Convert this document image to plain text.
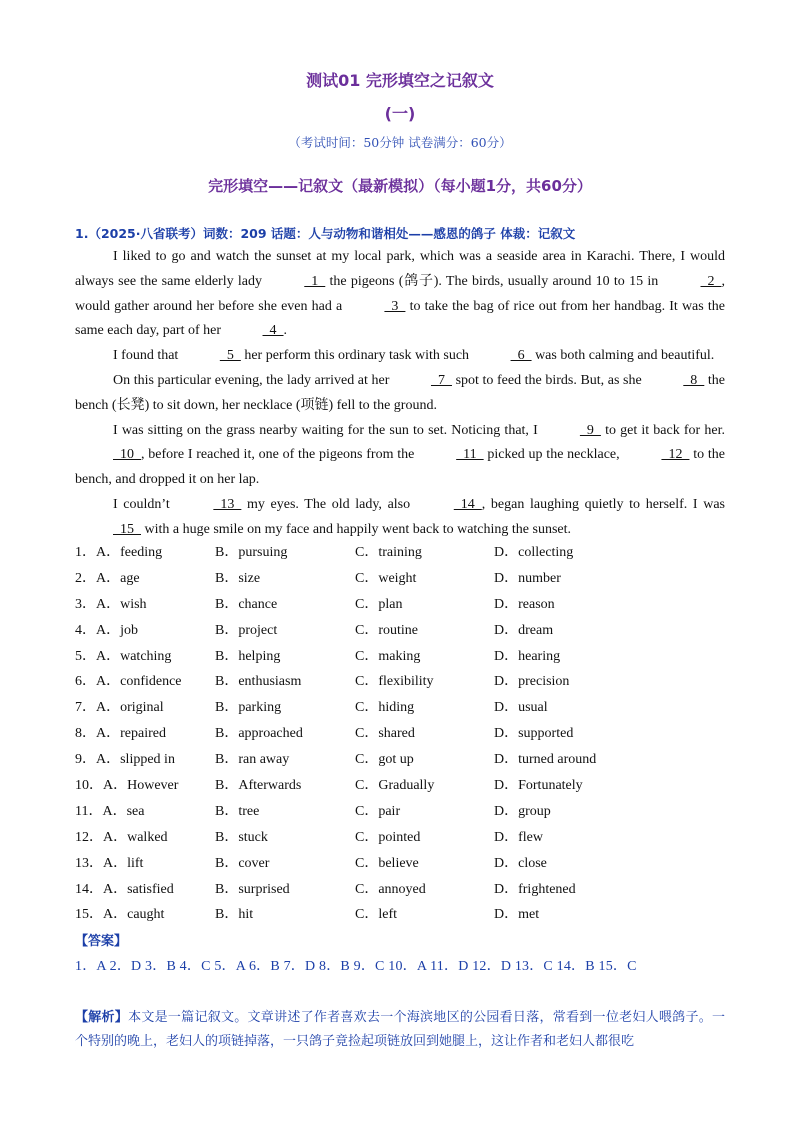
测试01 完形填空之记叙文
(一)
（考试时间：50分钟 试卷满分：60分）
完形填空——记叙文（最新模拟）（每小题1分，共60分）
1.（2025·八省联考）词数：209 话题：人与动物和谐相处——感恩的鸽子 体裁：记叙文

I liked to go and watch the sunset at my local park, which was a seaside area in Karachi. There, I would always see the same elderly lady	1   the pigeons (鸽子). The birds, usually around 10 to 15 in	2  , would gather around her before she even had a	3   to take the bag of rice out from her handbag. It was the same each day, part of her	4  .

I found that	5   her perform this ordinary task with such	6   was both calming and beautiful.

On this particular evening, the lady arrived at her	7   spot to feed the birds. But, as she	8   the bench (长凳) to sit down, her necklace (项链) fell to the ground.

I was sitting on the grass nearby waiting for the sun to set. Noticing that, I	9   to get it back for her.   10  , before I reached it, one of the pigeons from the	11   picked up the necklace,	12   to the bench, and dropped it on her lap.

I couldn’t	13   my eyes. The old lady, also	14  , began laughing quietly to herself. I was   15   with a huge smile on my face and happily went back to watching the sunset.

1．A．feeding	B．pursuing	C．training	D．collecting
2．A．age	B．size	C．weight	D．number
3．A．wish	B．chance	C．plan	D．reason
4．A．job	B．project	C．routine	D．dream
5．A．watching	B．helping	C．making	D．hearing
6．A．confidence B．enthusiasm	C．flexibility	D．precision
7．A．original	B．parking	C．hiding	D．usual
8．A．repaired	B．approached	C．shared	D．supported
9．A．slipped in	B．ran away	C．got up	D．turned around
10．A．However	B．Afterwards	C．Gradually	D．Fortunately
11．A．sea	B．tree	C．pair	D．group
12．A．walked	B．stuck	C．pointed	D．flew
13．A．lift	B．cover	C．believe	D．close
14．A．satisfied	B．surprised	C．annoyed	D．frightened
15．A．caught	B．hit	C．left	D．met
【答案】
1．A 2．D 3．B 4．C 5．A 6．B 7．D 8．B 9．C 10．A 11．D 12．D 13．C 14．B 15．C
【解析】本文是一篇记叙文。文章讲述了作者喜欢去一个海滨地区的公园看日落，常看到一位老妇人喂鸽子。一个特别的晚上，老妇人的项链掉落，一只鸽子竟捡起项链放回到她腿上，这让作者和老妇人都很吃
